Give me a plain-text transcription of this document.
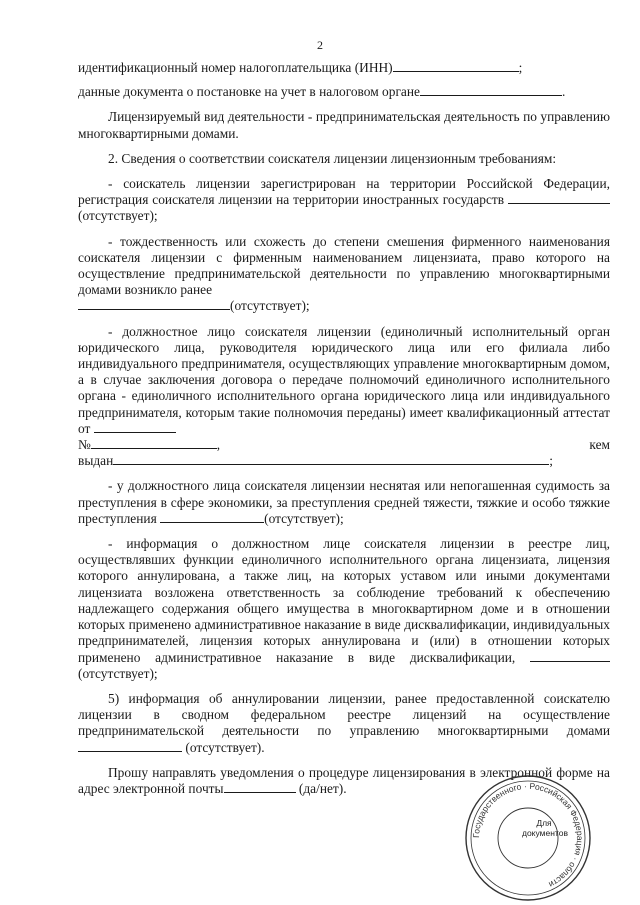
2

идентификационный номер налогоплательщика (ИНН)	;

данные документа о постановке на учет в налоговом органе	.

Лицензируемый вид деятельности - предпринимательская деятельность по управлению многоквартирными домами.

2. Сведения о соответствии соискателя лицензии лицензионным требованиям:

- соискатель лицензии зарегистрирован на территории Российской Федерации, регистрация соискателя лицензии на территории иностранных государств (отсутствует);

- тождественность или схожесть до степени смешения фирменного наименования соискателя лицензии с фирменным наименованием лицензиата, право которого на осуществление предпринимательской деятельности по управлению многоквартирными домами возникло ранее

(отсутствует);

- должностное лицо соискателя лицензии (единоличный исполнительный орган юридического лица, руководителя юридического лица или его филиала либо индивидуального предпринимателя, осуществляющих управление многоквартирным домом, а в случае заключения договора о передаче полномочий единоличного исполнительного органа - единоличного исполнительного органа юридического лица или индивидуального предпринимателя, которым такие полномочия переданы) имеет квалификационный аттестат от

№	,	кем

выдан	;

- у должностного лица соискателя лицензии неснятая или непогашенная судимость за преступления в сфере экономики, за преступления средней тяжести, тяжкие и особо тяжкие преступления	(отсутствует);

- информация о должностном лице соискателя лицензии в реестре лиц, осуществлявших функции единоличного исполнительного органа лицензиата, лицензия которого аннулирована, а также лиц, на которых уставом или иными документами лицензиата возложена ответственность за соблюдение требований к обеспечению надлежащего содержания общего имущества в многоквартирном доме и в отношении которых применено административное наказание в виде дисквалификации, индивидуальных предпринимателей, лицензия которых аннулирована и (или) в отношении которых применено административное наказание в виде дисквалификации,  (отсутствует);

5) информация об аннулировании лицензии, ранее предоставленной соискателю лицензии в сводном федеральном реестре лицензий на осуществление предпринимательской деятельности по управлению многоквартирными домами  (отсутствует).

Прошу направлять уведомления о процедуре лицензирования в электронной форме на адрес электронной почты	(да/нет).

Государственного · Российская Федерация · области
Для документов
